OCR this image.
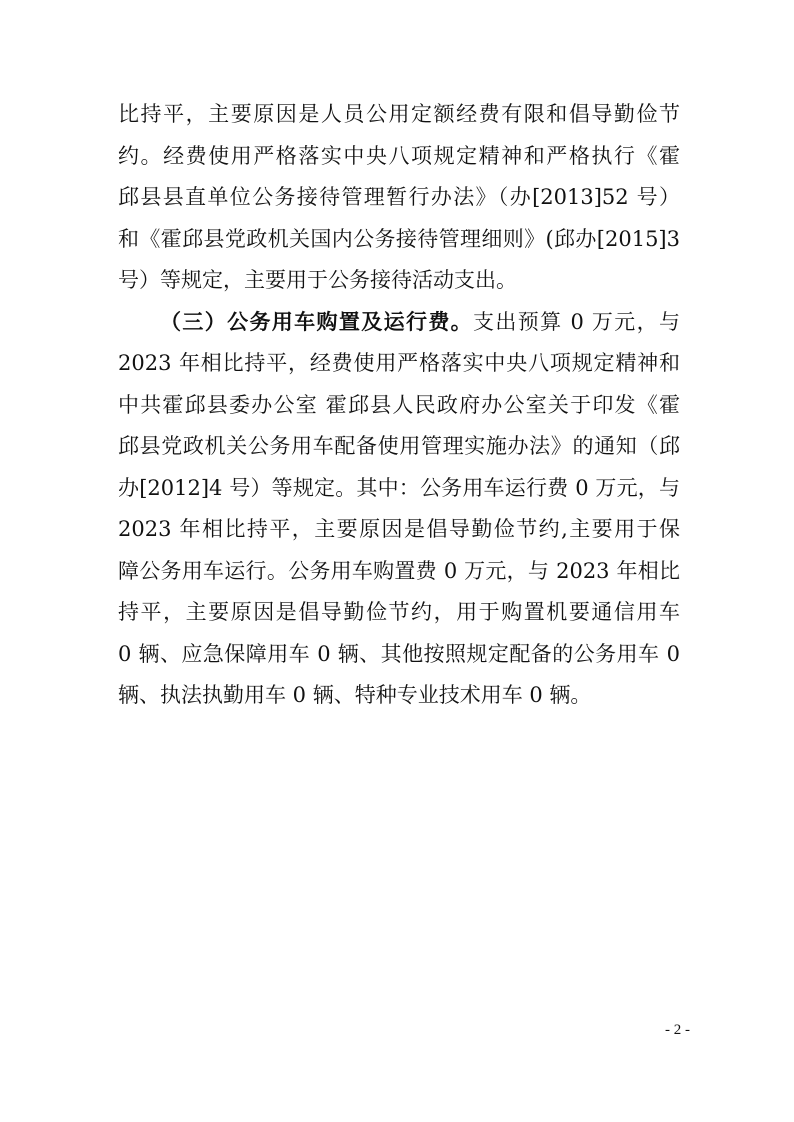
比持平，主要原因是人员公用定额经费有限和倡导勤俭节
约。经费使用严格落实中央八项规定精神和严格执行《霍
邱县县直单位公务接待管理暂行办法》（办[2013]52 号）
和《霍邱县党政机关国内公务接待管理细则》(邱办[2015]3
号）等规定，主要用于公务接待活动支出。
（三）公务用车购置及运行费。支出预算 0 万元，与
2023 年相比持平，经费使用严格落实中央八项规定精神和
中共霍邱县委办公室 霍邱县人民政府办公室关于印发《霍
邱县党政机关公务用车配备使用管理实施办法》的通知（邱
办[2012]4 号）等规定。其中：公务用车运行费 0 万元，与
2023 年相比持平，主要原因是倡导勤俭节约,主要用于保
障公务用车运行。公务用车购置费 0 万元，与 2023 年相比
持平，主要原因是倡导勤俭节约，用于购置机要通信用车
0 辆、应急保障用车 0 辆、其他按照规定配备的公务用车 0
辆、执法执勤用车 0 辆、特种专业技术用车 0 辆。
- 2 -
